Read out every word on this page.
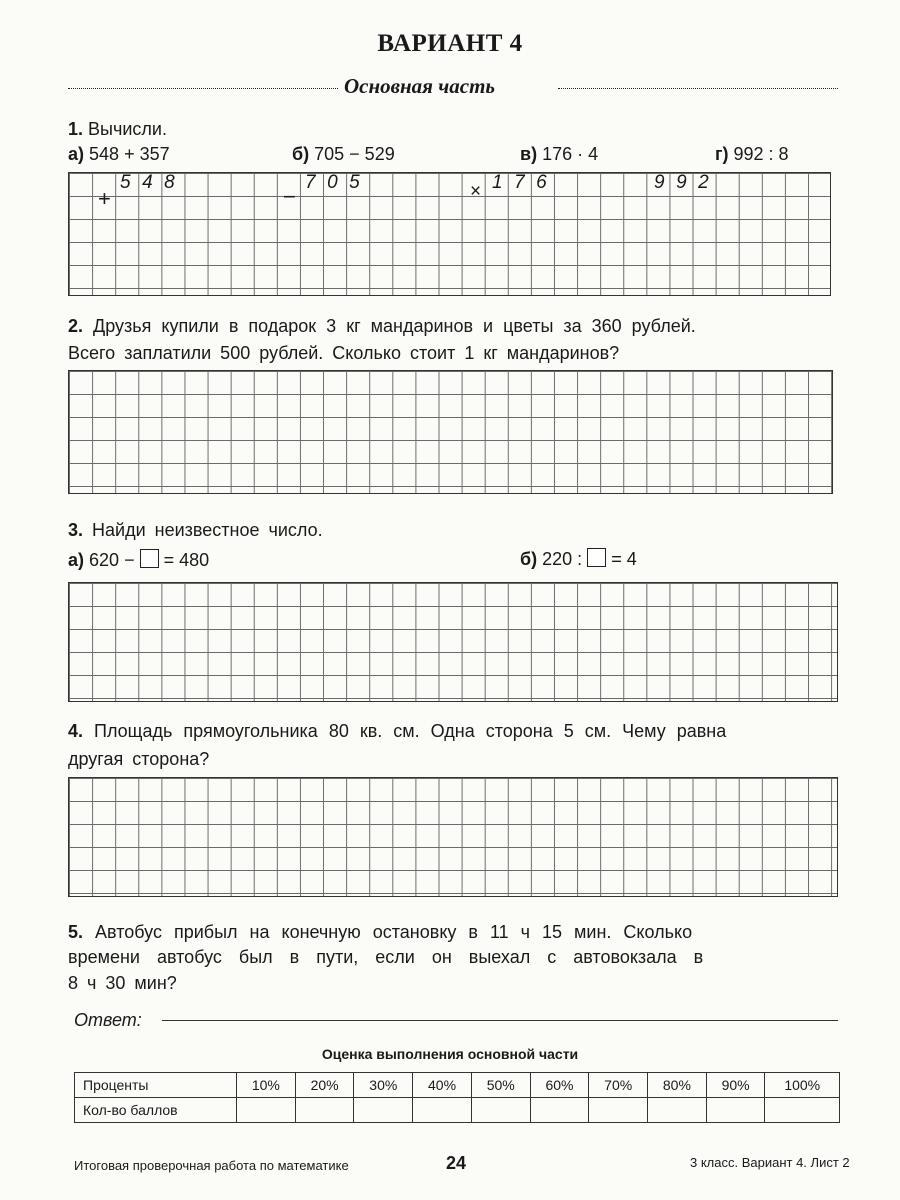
ВАРИАНТ 4
Основная часть
1. Вычисли.
а) 548 + 357	б) 705 − 529	в) 176 · 4	г) 992 : 8
+
548
−
705	× 176	992
2. Друзья купили в подарок 3 кг мандаринов и цветы за 360 рублей.
Всего заплатили 500 рублей. Сколько стоит 1 кг мандаринов?
3. Найди неизвестное число.
а) 620 − = 480	б) 220 : = 4
4. Площадь прямоугольника 80 кв. см. Одна сторона 5 см. Чему равна
другая сторона?
5. Автобус прибыл на конечную остановку в 11 ч 15 мин. Сколько
времени автобус был в пути, если он выехал с автовокзала в
8 ч 30 мин?
Ответ:
Оценка выполнения основной части
Проценты	10%	20%	30%	40%	50%	60%	70%	80%	90%	100%
Кол-во баллов										
Итоговая проверочная работа по математике	24	3 класс. Вариант 4. Лист 2
